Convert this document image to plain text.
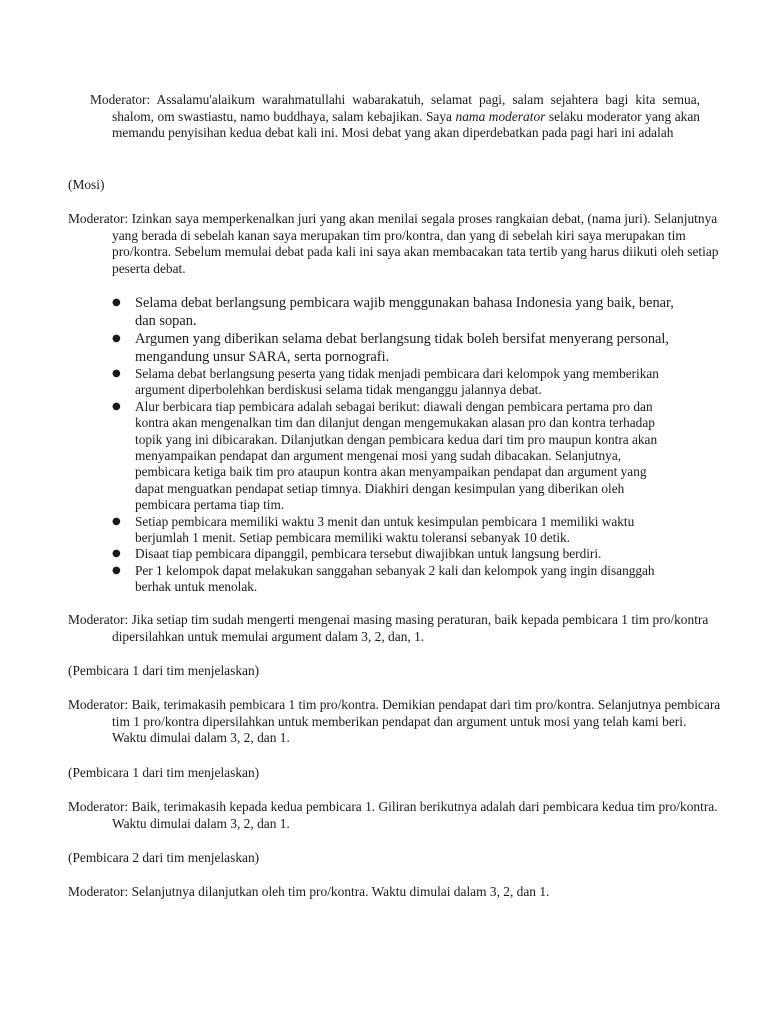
Moderator: Assalamu'alaikum warahmatullahi wabarakatuh, selamat pagi, salam sejahtera bagi kita semua, shalom, om swastiastu, namo buddhaya, salam kebajikan. Saya nama moderator selaku moderator yang akan memandu penyisihan kedua debat kali ini. Mosi debat yang akan diperdebatkan pada pagi hari ini adalah

(Mosi)

Moderator: Izinkan saya memperkenalkan juri yang akan menilai segala proses rangkaian debat, (nama juri). Selanjutnya yang berada di sebelah kanan saya merupakan tim pro/kontra, dan yang di sebelah kiri saya merupakan tim pro/kontra. Sebelum memulai debat pada kali ini saya akan membacakan tata tertib yang harus diikuti oleh setiap peserta debat.

● Selama debat berlangsung pembicara wajib menggunakan bahasa Indonesia yang baik, benar, dan sopan.
● Argumen yang diberikan selama debat berlangsung tidak boleh bersifat menyerang personal, mengandung unsur SARA, serta pornografi.
● Selama debat berlangsung peserta yang tidak menjadi pembicara dari kelompok yang memberikan argument diperbolehkan berdiskusi selama tidak menganggu jalannya debat.
● Alur berbicara tiap pembicara adalah sebagai berikut: diawali dengan pembicara pertama pro dan kontra akan mengenalkan tim dan dilanjut dengan mengemukakan alasan pro dan kontra terhadap topik yang ini dibicarakan. Dilanjutkan dengan pembicara kedua dari tim pro maupun kontra akan menyampaikan pendapat dan argument mengenai mosi yang sudah dibacakan. Selanjutnya, pembicara ketiga baik tim pro ataupun kontra akan menyampaikan pendapat dan argument yang dapat menguatkan pendapat setiap timnya. Diakhiri dengan kesimpulan yang diberikan oleh pembicara pertama tiap tim.
● Setiap pembicara memiliki waktu 3 menit dan untuk kesimpulan pembicara 1 memiliki waktu berjumlah 1 menit. Setiap pembicara memiliki waktu toleransi sebanyak 10 detik.
● Disaat tiap pembicara dipanggil, pembicara tersebut diwajibkan untuk langsung berdiri.
● Per 1 kelompok dapat melakukan sanggahan sebanyak 2 kali dan kelompok yang ingin disanggah berhak untuk menolak.

Moderator: Jika setiap tim sudah mengerti mengenai masing masing peraturan, baik kepada pembicara 1 tim pro/kontra dipersilahkan untuk memulai argument dalam 3, 2, dan, 1.

(Pembicara 1 dari tim menjelaskan)

Moderator: Baik, terimakasih pembicara 1 tim pro/kontra. Demikian pendapat dari tim pro/kontra. Selanjutnya pembicara tim 1 pro/kontra dipersilahkan untuk memberikan pendapat dan argument untuk mosi yang telah kami beri. Waktu dimulai dalam 3, 2, dan 1.

(Pembicara 1 dari tim menjelaskan)

Moderator: Baik, terimakasih kepada kedua pembicara 1. Giliran berikutnya adalah dari pembicara kedua tim pro/kontra. Waktu dimulai dalam 3, 2, dan 1.

(Pembicara 2 dari tim menjelaskan)

Moderator: Selanjutnya dilanjutkan oleh tim pro/kontra. Waktu dimulai dalam 3, 2, dan 1.
